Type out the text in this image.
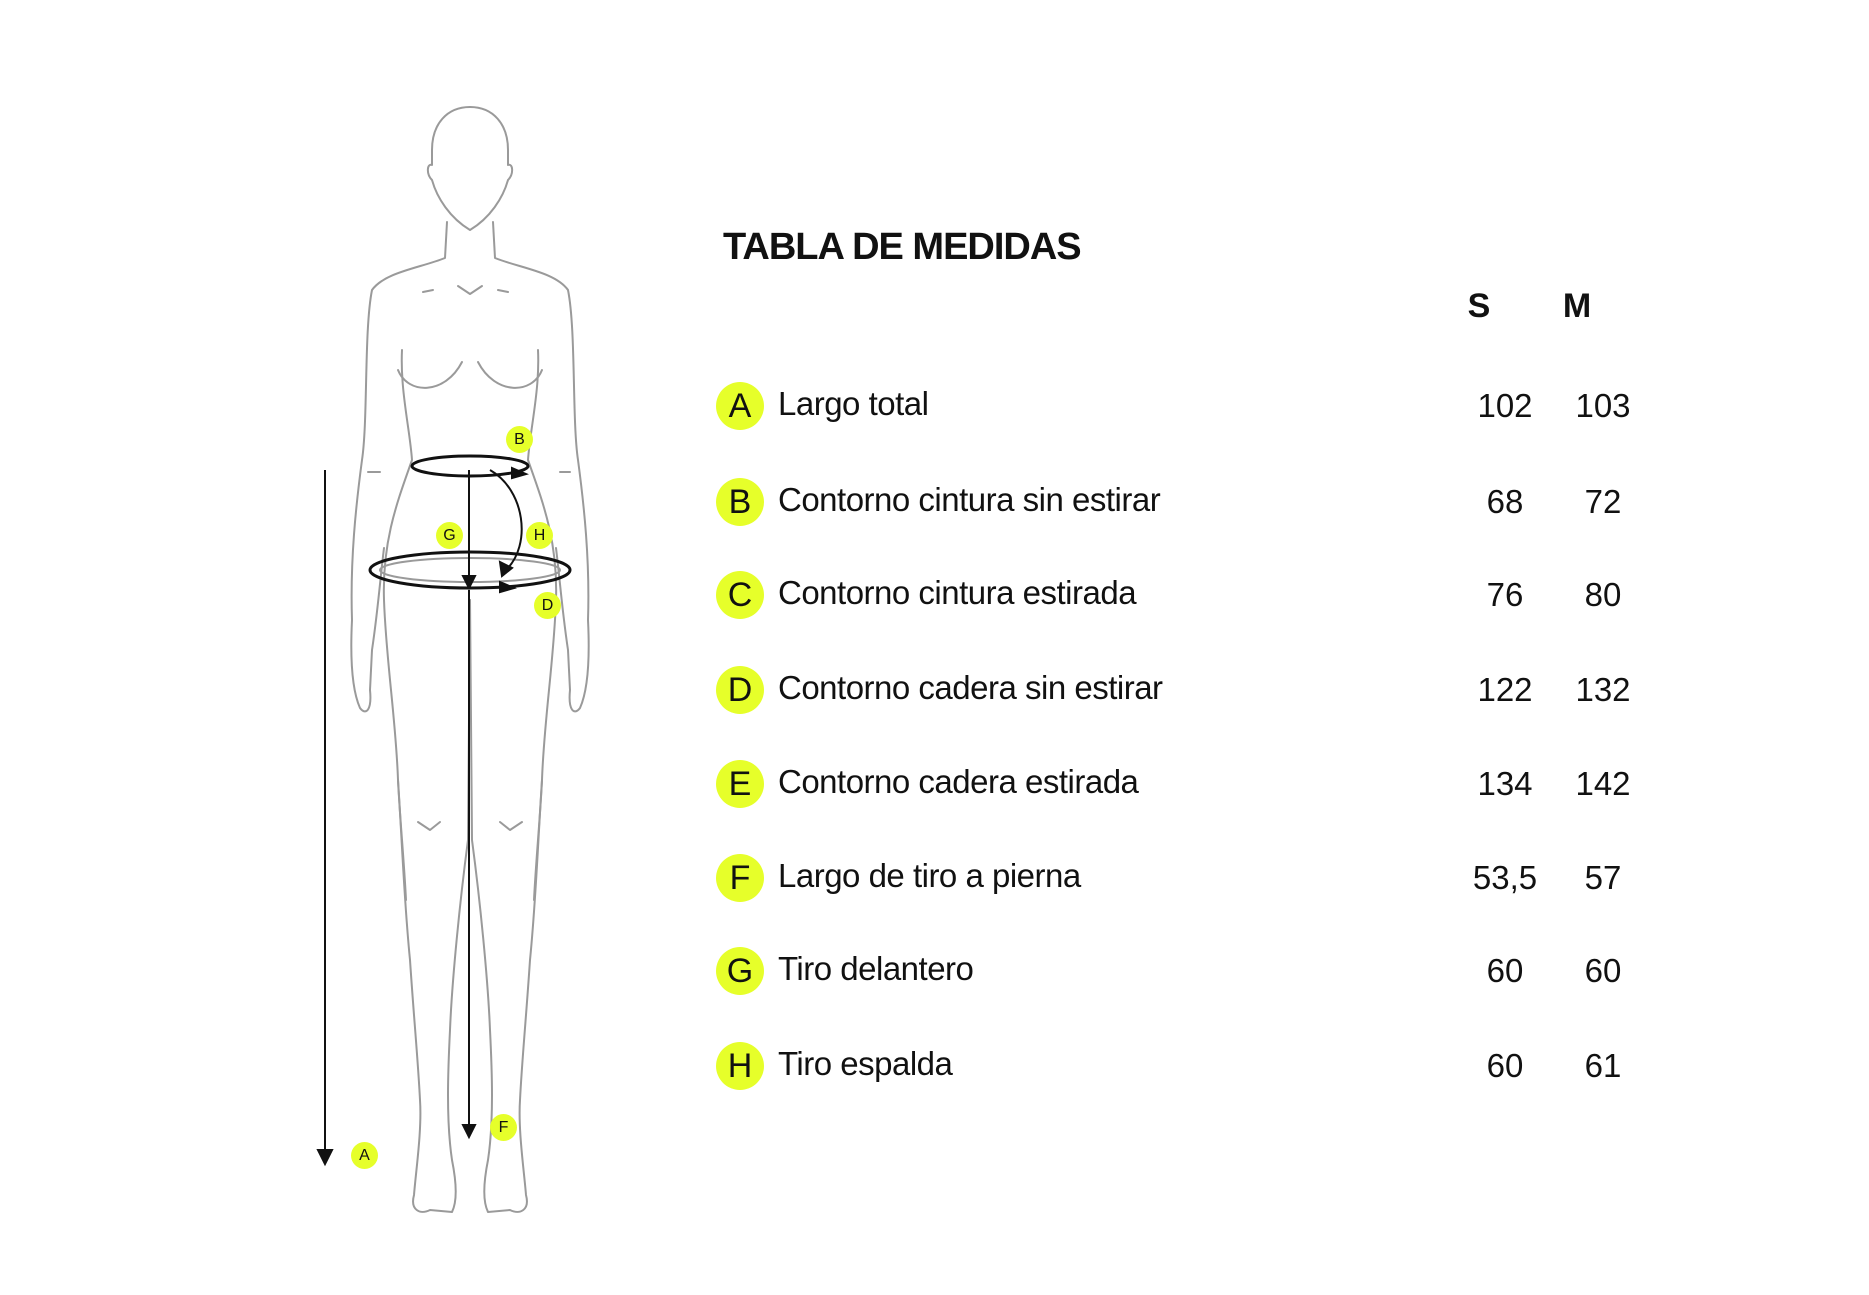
B
G	H
D
F
A
TABLA DE MEDIDAS
S	M
A Largo total	102	103
B Contorno cintura sin estirar	68	72
C Contorno cintura estirada	76	80
D Contorno cadera sin estirar	122	132
E Contorno cadera estirada	134	142
F Largo de tiro a pierna	53,5	57
G Tiro delantero	60	60
H Tiro espalda	60	61
